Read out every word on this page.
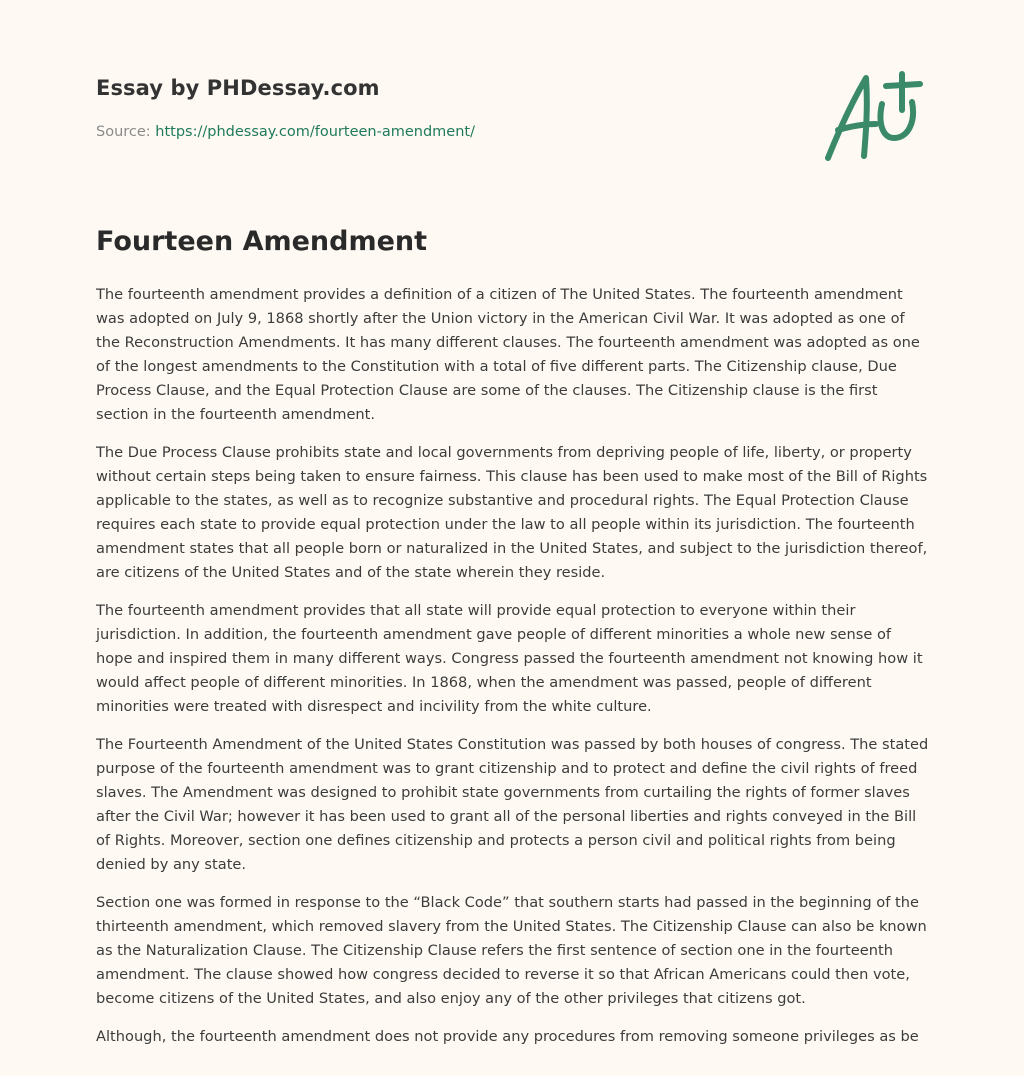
Essay by PHDessay.com

Source: https://phdessay.com/fourteen-amendment/

Fourteen Amendment

The fourteenth amendment provides a definition of a citizen of The United States. The fourteenth amendment was adopted on July 9, 1868 shortly after the Union victory in the American Civil War. It was adopted as one of the Reconstruction Amendments. It has many different clauses. The fourteenth amendment was adopted as one of the longest amendments to the Constitution with a total of five different parts. The Citizenship clause, Due Process Clause, and the Equal Protection Clause are some of the clauses. The Citizenship clause is the first section in the fourteenth amendment.

The Due Process Clause prohibits state and local governments from depriving people of life, liberty, or property without certain steps being taken to ensure fairness. This clause has been used to make most of the Bill of Rights applicable to the states, as well as to recognize substantive and procedural rights. The Equal Protection Clause requires each state to provide equal protection under the law to all people within its jurisdiction. The fourteenth amendment states that all people born or naturalized in the United States, and subject to the jurisdiction thereof, are citizens of the United States and of the state wherein they reside.

The fourteenth amendment provides that all state will provide equal protection to everyone within their jurisdiction. In addition, the fourteenth amendment gave people of different minorities a whole new sense of hope and inspired them in many different ways. Congress passed the fourteenth amendment not knowing how it would affect people of different minorities. In 1868, when the amendment was passed, people of different minorities were treated with disrespect and incivility from the white culture.

The Fourteenth Amendment of the United States Constitution was passed by both houses of congress. The stated purpose of the fourteenth amendment was to grant citizenship and to protect and define the civil rights of freed slaves. The Amendment was designed to prohibit state governments from curtailing the rights of former slaves after the Civil War; however it has been used to grant all of the personal liberties and rights conveyed in the Bill of Rights. Moreover, section one defines citizenship and protects a person civil and political rights from being denied by any state.

Section one was formed in response to the “Black Code” that southern starts had passed in the beginning of the thirteenth amendment, which removed slavery from the United States. The Citizenship Clause can also be known as the Naturalization Clause. The Citizenship Clause refers the first sentence of section one in the fourteenth amendment. The clause showed how congress decided to reverse it so that African Americans could then vote, become citizens of the United States, and also enjoy any of the other privileges that citizens got.

Although, the fourteenth amendment does not provide any procedures from removing someone privileges as be
